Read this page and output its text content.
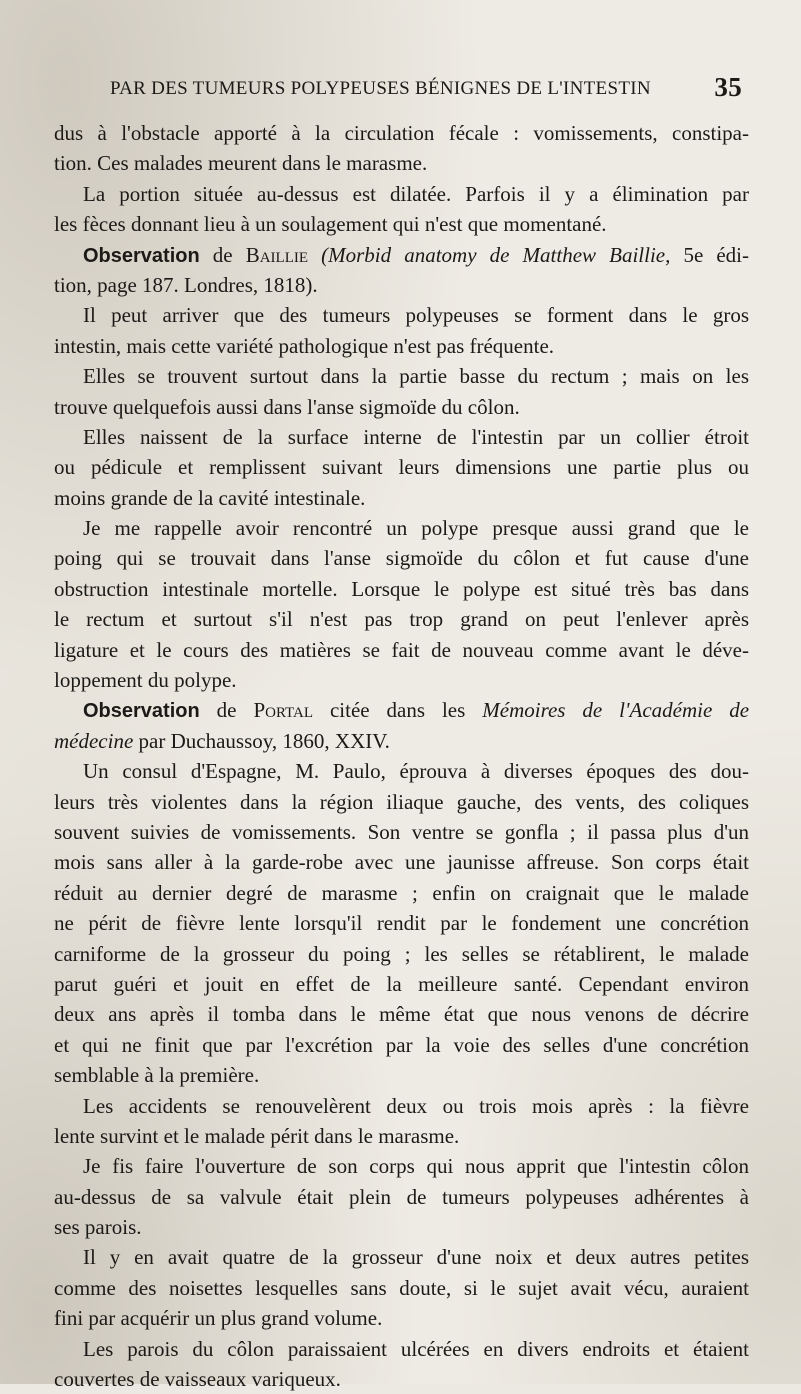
PAR DES TUMEURS POLYPEUSES BÉNIGNES DE L'INTESTIN 35
dus à l'obstacle apporté à la circulation fécale : vomissements, constipa-
tion. Ces malades meurent dans le marasme.
La portion située au-dessus est dilatée. Parfois il y a élimination par
les fèces donnant lieu à un soulagement qui n'est que momentané.
Observation de Baillie (Morbid anatomy de Matthew Baillie, 5e édi-
tion, page 187. Londres, 1818).
Il peut arriver que des tumeurs polypeuses se forment dans le gros
intestin, mais cette variété pathologique n'est pas fréquente.
Elles se trouvent surtout dans la partie basse du rectum ; mais on les
trouve quelquefois aussi dans l'anse sigmoïde du côlon.
Elles naissent de la surface interne de l'intestin par un collier étroit
ou pédicule et remplissent suivant leurs dimensions une partie plus ou
moins grande de la cavité intestinale.
Je me rappelle avoir rencontré un polype presque aussi grand que le
poing qui se trouvait dans l'anse sigmoïde du côlon et fut cause d'une
obstruction intestinale mortelle. Lorsque le polype est situé très bas dans
le rectum et surtout s'il n'est pas trop grand on peut l'enlever après
ligature et le cours des matières se fait de nouveau comme avant le déve-
loppement du polype.
Observation de Portal citée dans les Mémoires de l'Académie de
médecine par Duchaussoy, 1860, XXIV.
Un consul d'Espagne, M. Paulo, éprouva à diverses époques des dou-
leurs très violentes dans la région iliaque gauche, des vents, des coliques
souvent suivies de vomissements. Son ventre se gonfla ; il passa plus d'un
mois sans aller à la garde-robe avec une jaunisse affreuse. Son corps était
réduit au dernier degré de marasme ; enfin on craignait que le malade
ne périt de fièvre lente lorsqu'il rendit par le fondement une concrétion
carniforme de la grosseur du poing ; les selles se rétablirent, le malade
parut guéri et jouit en effet de la meilleure santé. Cependant environ
deux ans après il tomba dans le même état que nous venons de décrire
et qui ne finit que par l'excrétion par la voie des selles d'une concrétion
semblable à la première.
Les accidents se renouvelèrent deux ou trois mois après : la fièvre
lente survint et le malade périt dans le marasme.
Je fis faire l'ouverture de son corps qui nous apprit que l'intestin côlon
au-dessus de sa valvule était plein de tumeurs polypeuses adhérentes à
ses parois.
Il y en avait quatre de la grosseur d'une noix et deux autres petites
comme des noisettes lesquelles sans doute, si le sujet avait vécu, auraient
fini par acquérir un plus grand volume.
Les parois du côlon paraissaient ulcérées en divers endroits et étaient
couvertes de vaisseaux variqueux.
